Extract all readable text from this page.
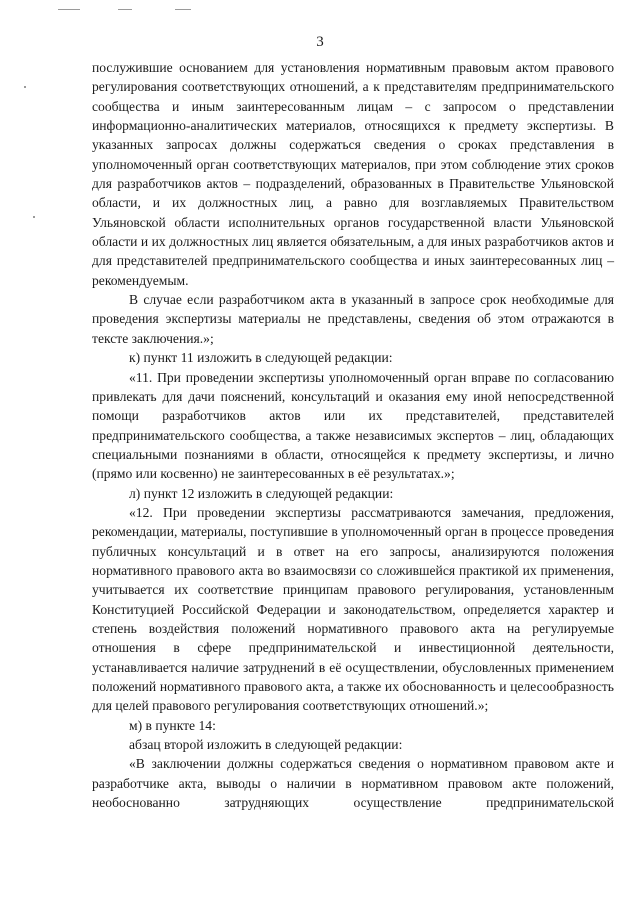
3

послужившие основанием для установления нормативным правовым актом правового регулирования соответствующих отношений, а к представителям предпринимательского сообщества и иным заинтересованным лицам – с запросом о представлении информационно-аналитических материалов, относящихся к предмету экспертизы. В указанных запросах должны содержаться сведения о сроках представления в уполномоченный орган соответствующих материалов, при этом соблюдение этих сроков для разработчиков актов – подразделений, образованных в Правительстве Ульяновской области, и их должностных лиц, а равно для возглавляемых Правительством Ульяновской области исполнительных органов государственной власти Ульяновской области и их должностных лиц является обязательным, а для иных разработчиков актов и для представителей предпринимательского сообщества и иных заинтересованных лиц – рекомендуемым.

В случае если разработчиком акта в указанный в запросе срок необходимые для проведения экспертизы материалы не представлены, сведения об этом отражаются в тексте заключения.»;

к) пункт 11 изложить в следующей редакции:

«11. При проведении экспертизы уполномоченный орган вправе по согласованию привлекать для дачи пояснений, консультаций и оказания ему иной непосредственной помощи разработчиков актов или их представителей, представителей предпринимательского сообщества, а также независимых экспертов – лиц, обладающих специальными познаниями в области, относящейся к предмету экспертизы, и лично (прямо или косвенно) не заинтересованных в её результатах.»;

л) пункт 12 изложить в следующей редакции:

«12. При проведении экспертизы рассматриваются замечания, предложения, рекомендации, материалы, поступившие в уполномоченный орган в процессе проведения публичных консультаций и в ответ на его запросы, анализируются положения нормативного правового акта во взаимосвязи со сложившейся практикой их применения, учитывается их соответствие принципам правового регулирования, установленным Конституцией Российской Федерации и законодательством, определяется характер и степень воздействия положений нормативного правового акта на регулируемые отношения в сфере предпринимательской и инвестиционной деятельности, устанавливается наличие затруднений в её осуществлении, обусловленных применением положений нормативного правового акта, а также их обоснованность и целесообразность для целей правового регулирования соответствующих отношений.»;

м) в пункте 14:

абзац второй изложить в следующей редакции:

«В заключении должны содержаться сведения о нормативном правовом акте и разработчике акта, выводы о наличии в нормативном правовом акте положений, необоснованно затрудняющих осуществление предпринимательской
